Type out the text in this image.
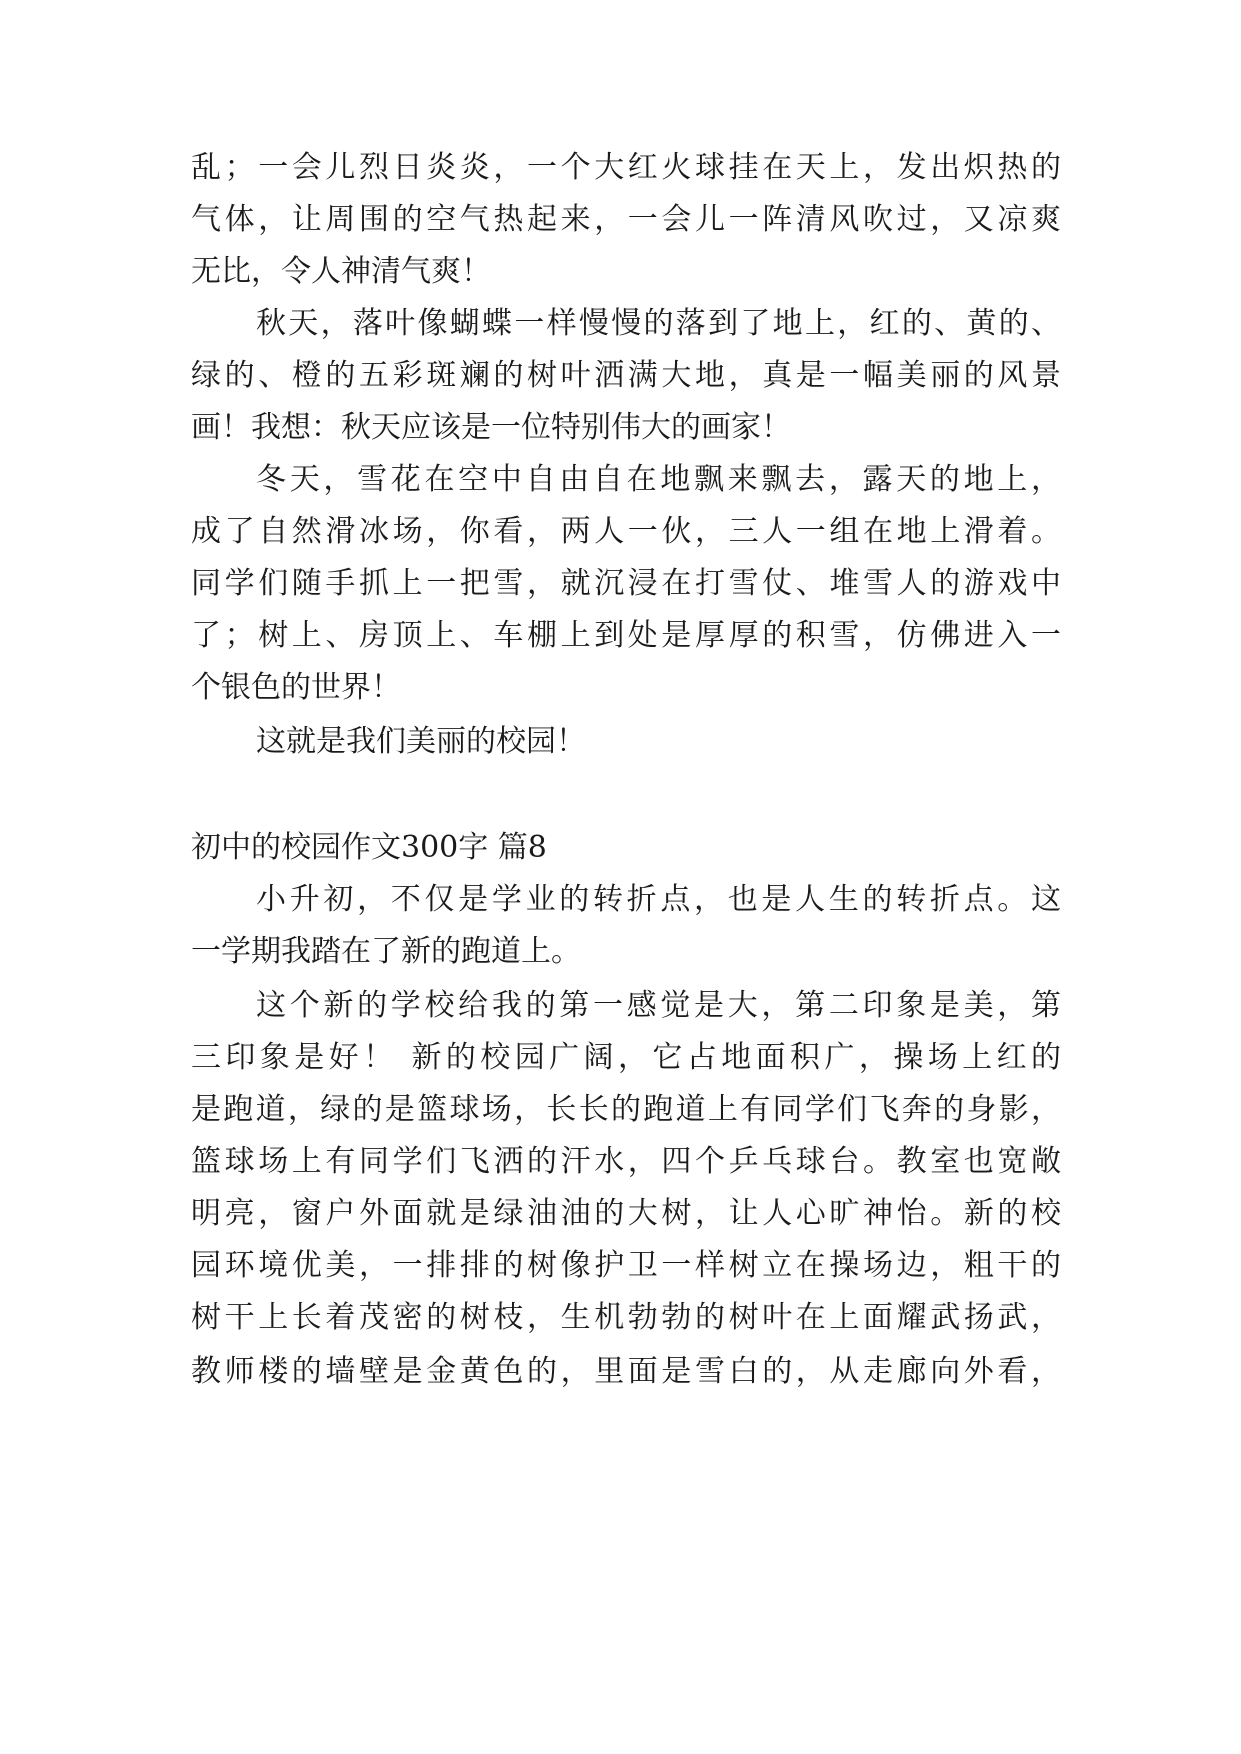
乱；一会儿烈日炎炎，一个大红火球挂在天上，发出炽热的
气体，让周围的空气热起来，一会儿一阵清风吹过，又凉爽
无比，令人神清气爽！
秋天，落叶像蝴蝶一样慢慢的落到了地上，红的、黄的、
绿的、橙的五彩斑斓的树叶洒满大地，真是一幅美丽的风景
画！我想：秋天应该是一位特别伟大的画家！
冬天，雪花在空中自由自在地飘来飘去，露天的地上，
成了自然滑冰场，你看，两人一伙，三人一组在地上滑着。
同学们随手抓上一把雪，就沉浸在打雪仗、堆雪人的游戏中
了；树上、房顶上、车棚上到处是厚厚的积雪，仿佛进入一
个银色的世界！
这就是我们美丽的校园！
初中的校园作文300字 篇8
小升初，不仅是学业的转折点，也是人生的转折点。这
一学期我踏在了新的跑道上。
这个新的学校给我的第一感觉是大，第二印象是美，第
三印象是好！ 新的校园广阔，它占地面积广，操场上红的
是跑道，绿的是篮球场，长长的跑道上有同学们飞奔的身影，
篮球场上有同学们飞洒的汗水，四个乒乓球台。教室也宽敞
明亮，窗户外面就是绿油油的大树，让人心旷神怡。新的校
园环境优美，一排排的树像护卫一样树立在操场边，粗干的
树干上长着茂密的树枝，生机勃勃的树叶在上面耀武扬武，
教师楼的墙壁是金黄色的，里面是雪白的，从走廊向外看，
